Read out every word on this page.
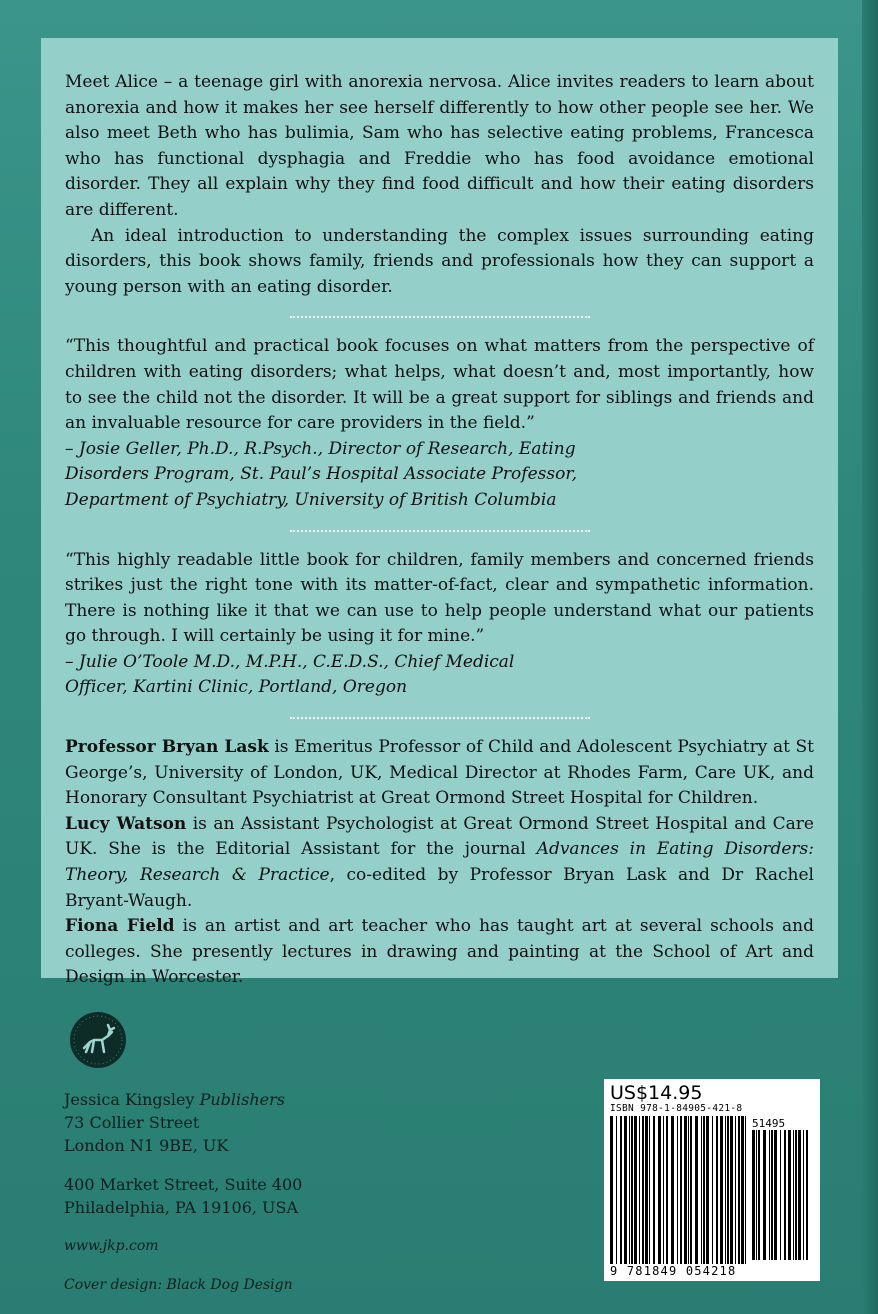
Meet Alice – a teenage girl with anorexia nervosa. Alice invites readers to learn about anorexia and how it makes her see herself differently to how other people see her. We also meet Beth who has bulimia, Sam who has selective eating problems, Francesca who has functional dysphagia and Freddie who has food avoidance emotional disorder. They all explain why they find food difficult and how their eating disorders are different.

An ideal introduction to understanding the complex issues surrounding eating disorders, this book shows family, friends and professionals how they can support a young person with an eating disorder.

“This thoughtful and practical book focuses on what matters from the perspective of children with eating disorders; what helps, what doesn’t and, most importantly, how to see the child not the disorder. It will be a great support for siblings and friends and an invaluable resource for care providers in the field.”

– Josie Geller, Ph.D., R.Psych., Director of Research, Eating

Disorders Program, St. Paul’s Hospital Associate Professor,

Department of Psychiatry, University of British Columbia

“This highly readable little book for children, family members and concerned friends strikes just the right tone with its matter-of-fact, clear and sympathetic information. There is nothing like it that we can use to help people understand what our patients go through. I will certainly be using it for mine.”

– Julie O’Toole M.D., M.P.H., C.E.D.S., Chief Medical

Officer, Kartini Clinic, Portland, Oregon

Professor Bryan Lask is Emeritus Professor of Child and Adolescent Psychiatry at St George’s, University of London, UK, Medical Director at Rhodes Farm, Care UK, and Honorary Consultant Psychiatrist at Great Ormond Street Hospital for Children.

Lucy Watson is an Assistant Psychologist at Great Ormond Street Hospital and Care UK. She is the Editorial Assistant for the journal Advances in Eating Disorders: Theory, Research & Practice, co-edited by Professor Bryan Lask and Dr Rachel Bryant-Waugh.

Fiona Field is an artist and art teacher who has taught art at several schools and colleges. She presently lectures in drawing and painting at the School of Art and Design in Worcester.

Jessica Kingsley Publishers

73 Collier Street

London N1 9BE, UK

400 Market Street, Suite 400

Philadelphia, PA 19106, USA

www.jkp.com

Cover design: Black Dog Design

US$14.95

ISBN 978-1-84905-421-8

51495

9 781849 054218
